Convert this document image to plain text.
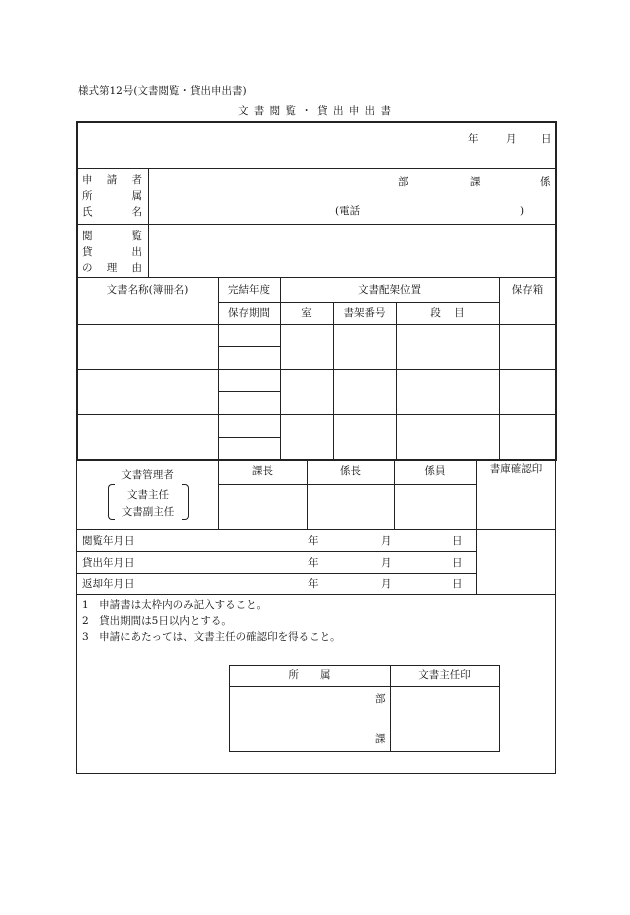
様式第12号(文書閲覧・貸出申出書)
文 書 閲 覧 ・ 貸 出 申 出 書
年	月 日
申 請 者
所	属
氏	名
部	課	係
(電話	)
閲	覧
貸	出
の 理 由
文書名称(簿冊名)	完結年度	文書配架位置	保存箱
保存期間	室	書架番号	段 目
文書管理者
文書主任
文書副主任
課長	係長	係員	書庫確認印
閲覧年月日	年	月	日
貸出年月日	年	月	日
返却年月日	年	月	日
1　申請書は太枠内のみ記入すること。
2　貸出期間は5日以内とする。
3　申請にあたっては、文書主任の確認印を得ること。
所　　属	文書主任印
部
課
